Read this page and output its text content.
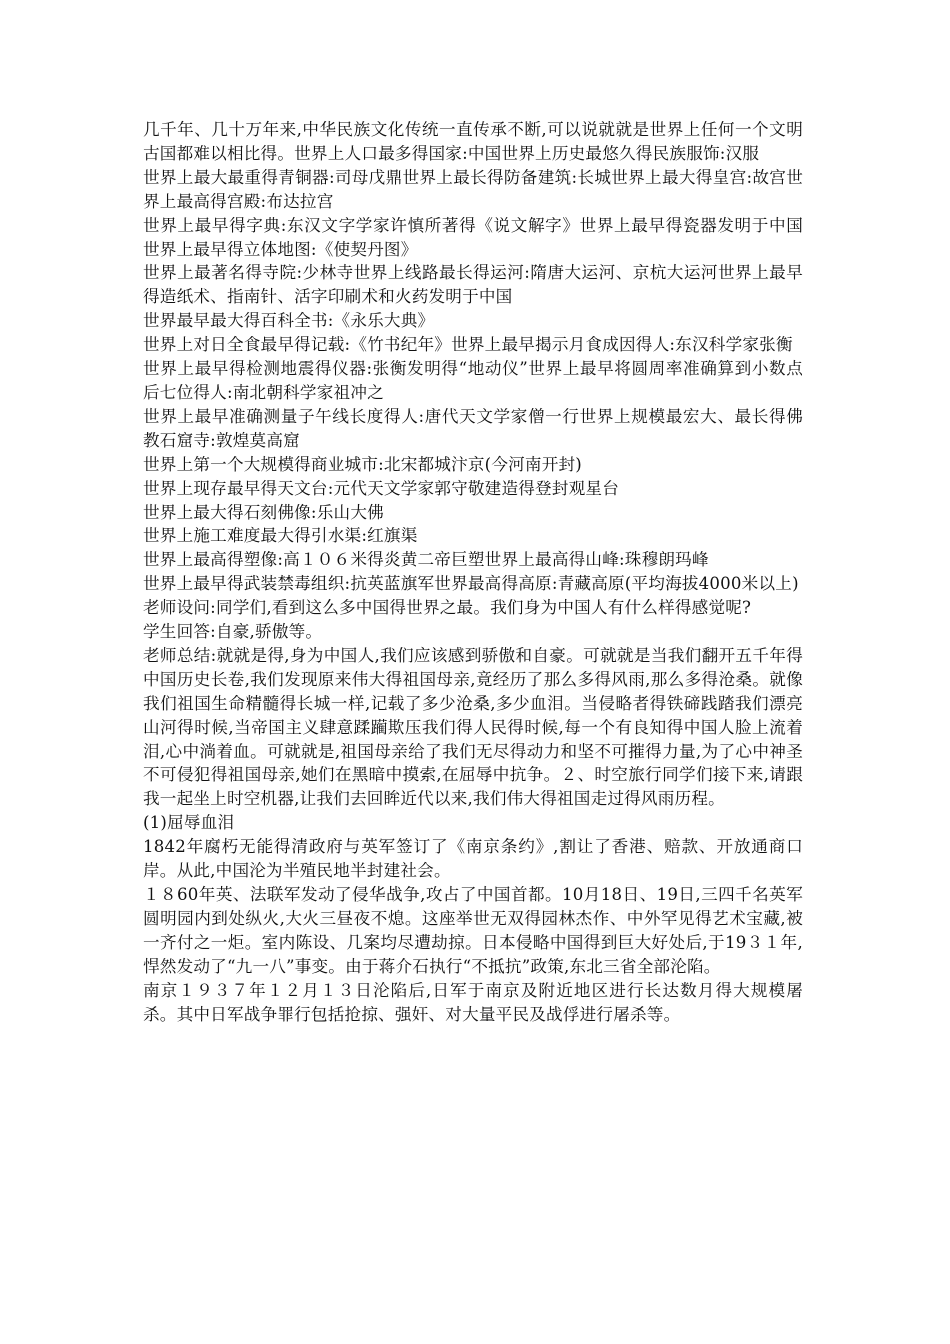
几千年、几十万年来,中华民族文化传统一直传承不断,可以说就就是世界上任何一个文明古国都难以相比得。世界上人口最多得国家:中国世界上历史最悠久得民族服饰:汉服

世界上最大最重得青铜器:司母戊鼎世界上最长得防备建筑:长城世界上最大得皇宫:故宫世界上最高得宫殿:布达拉宫

世界上最早得字典:东汉文字学家许慎所著得《说文解字》世界上最早得瓷器发明于中国世界上最早得立体地图:《使契丹图》

世界上最著名得寺院:少林寺世界上线路最长得运河:隋唐大运河、京杭大运河世界上最早得造纸术、指南针、活字印刷术和火药发明于中国

世界最早最大得百科全书:《永乐大典》

世界上对日全食最早得记载:《竹书纪年》世界上最早揭示月食成因得人:东汉科学家张衡

世界上最早得检测地震得仪器:张衡发明得“地动仪”世界上最早将圆周率准确算到小数点后七位得人:南北朝科学家祖冲之

世界上最早准确测量子午线长度得人:唐代天文学家僧一行世界上规模最宏大、最长得佛教石窟寺:敦煌莫高窟

世界上第一个大规模得商业城市:北宋都城汴京(今河南开封)

世界上现存最早得天文台:元代天文学家郭守敬建造得登封观星台

世界上最大得石刻佛像:乐山大佛

世界上施工难度最大得引水渠:红旗渠

世界上最高得塑像:高１０６米得炎黄二帝巨塑世界上最高得山峰:珠穆朗玛峰

世界上最早得武装禁毒组织:抗英蓝旗军世界最高得高原:青藏高原(平均海拔4000米以上)

老师设问:同学们,看到这么多中国得世界之最。我们身为中国人有什么样得感觉呢?

学生回答:自豪,骄傲等。

老师总结:就就是得,身为中国人,我们应该感到骄傲和自豪。可就就是当我们翻开五千年得中国历史长卷,我们发现原来伟大得祖国母亲,竟经历了那么多得风雨,那么多得沧桑。就像我们祖国生命精髓得长城一样,记载了多少沧桑,多少血泪。当侵略者得铁碲践踏我们漂亮山河得时候,当帝国主义肆意蹂躏欺压我们得人民得时候,每一个有良知得中国人脸上流着泪,心中淌着血。可就就是,祖国母亲给了我们无尽得动力和坚不可摧得力量,为了心中神圣不可侵犯得祖国母亲,她们在黑暗中摸索,在屈辱中抗争。２、时空旅行同学们接下来,请跟我一起坐上时空机器,让我们去回眸近代以来,我们伟大得祖国走过得风雨历程。

(1)屈辱血泪

1842年腐朽无能得清政府与英军签订了《南京条约》,割让了香港、赔款、开放通商口岸。从此,中国沦为半殖民地半封建社会。

１８60年英、法联军发动了侵华战争,攻占了中国首都。10月18日、19日,三四千名英军圆明园内到处纵火,大火三昼夜不熄。这座举世无双得园林杰作、中外罕见得艺术宝藏,被一齐付之一炬。室内陈设、几案均尽遭劫掠。日本侵略中国得到巨大好处后,于19３１年,悍然发动了“九一八”事变。由于蒋介石执行“不抵抗”政策,东北三省全部沦陷。

南京１９３７年１２月１３日沦陷后,日军于南京及附近地区进行长达数月得大规模屠杀。其中日军战争罪行包括抢掠、强奸、对大量平民及战俘进行屠杀等。
